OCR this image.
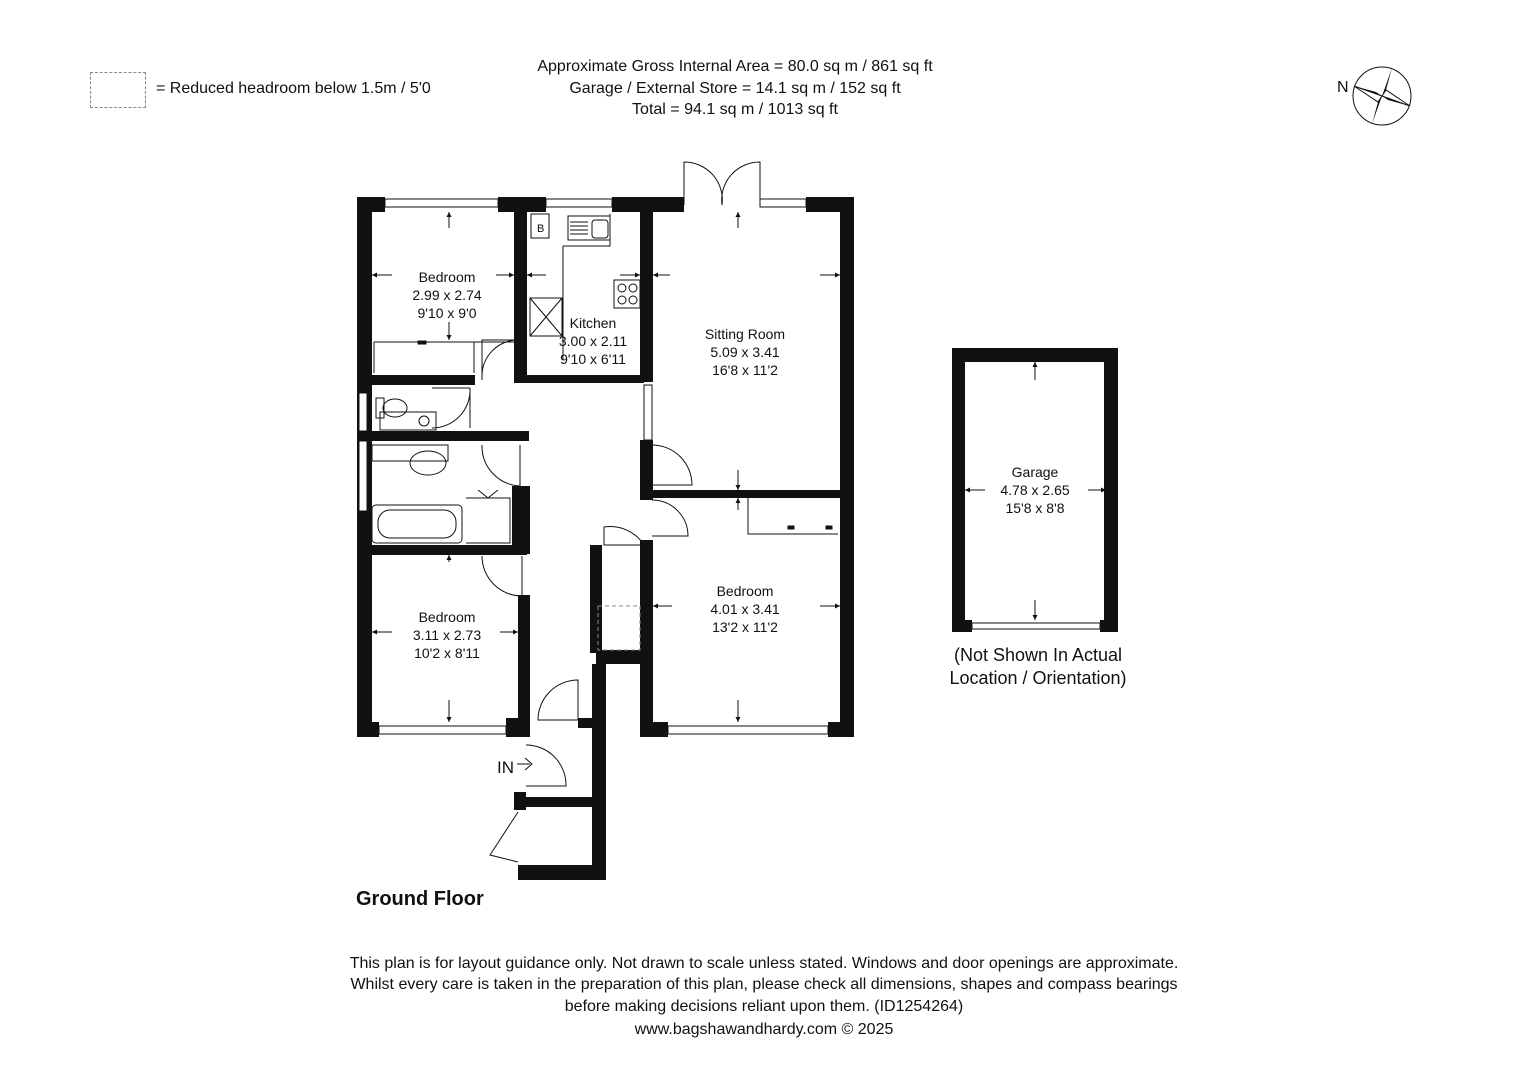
Approximate Gross Internal Area = 80.0 sq m / 861 sq ft
Garage / External Store = 14.1 sq m / 152 sq ft
Total = 94.1 sq m / 1013 sq ft
= Reduced headroom below 1.5m / 5'0	N
B
Bedroom
2.99 x 2.74
9'10 x 9'0
Kitchen
3.00 x 2.11
9'10 x 6'11
Sitting Room
5.09 x 3.41
16'8 x 11'2
Bedroom
3.11 x 2.73
10'2 x 8'11
Bedroom
4.01 x 3.41
13'2 x 11'2
Garage
4.78 x 2.65
15'8 x 8'8
IN
Ground Floor
(Not Shown In Actual
Location / Orientation)
This plan is for layout guidance only. Not drawn to scale unless stated. Windows and door openings are approximate.
Whilst every care is taken in the preparation of this plan, please check all dimensions, shapes and compass bearings
before making decisions reliant upon them. (ID1254264)
www.bagshawandhardy.com © 2025
